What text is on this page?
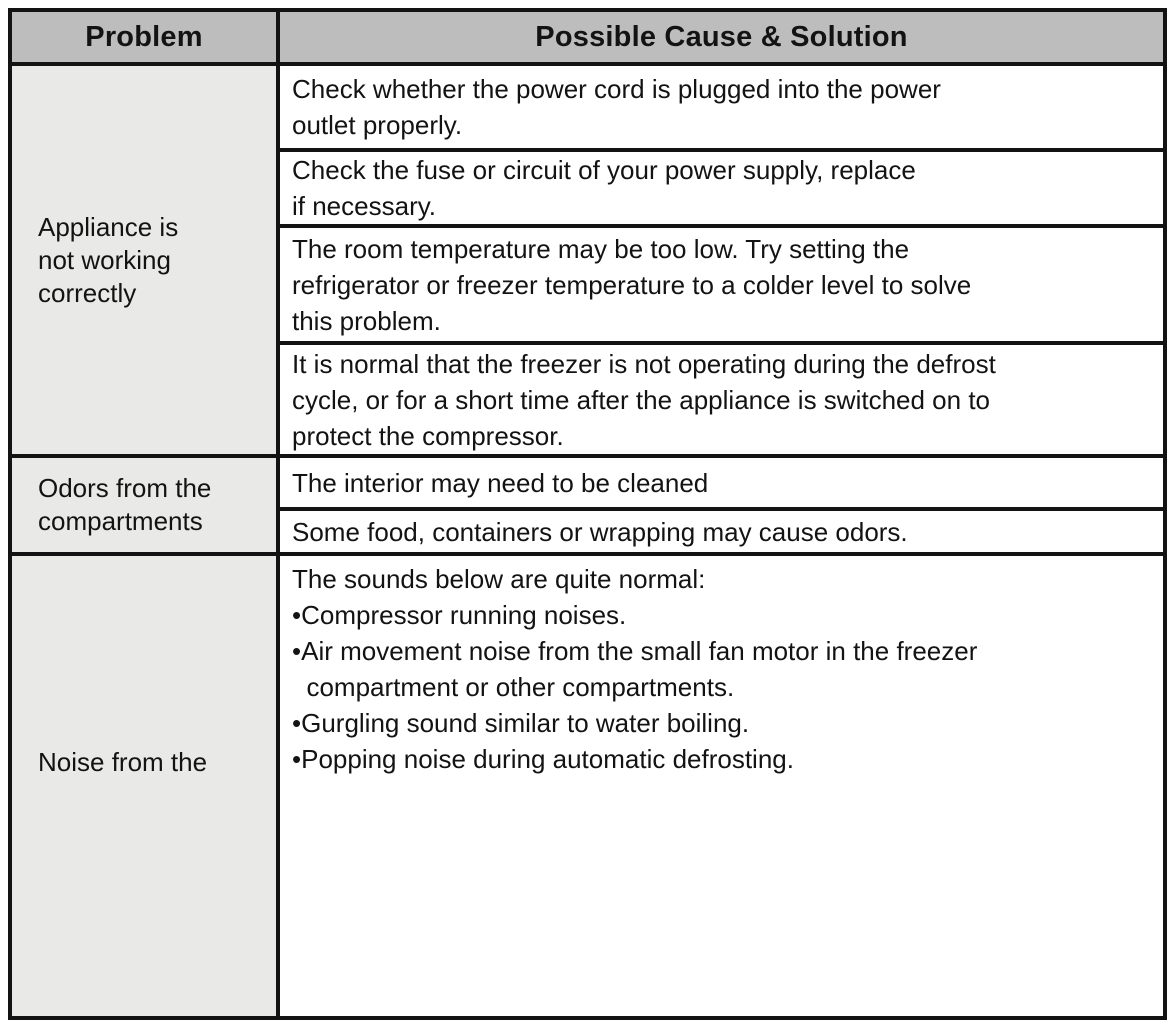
Problem	Possible Cause & Solution
Appliance is
not working
correctly
Check whether the power cord is plugged into the power
outlet properly.
Check the fuse or circuit of your power supply, replace
if necessary.
The room temperature may be too low. Try setting the
refrigerator or freezer temperature to a colder level to solve
this problem.
It is normal that the freezer is not operating during the defrost
cycle, or for a short time after the appliance is switched on to
protect the compressor.
Odors from the
compartments
The interior may need to be cleaned
Some food, containers or wrapping may cause odors.
Noise from the
The sounds below are quite normal:
•Compressor running noises.
•Air movement noise from the small fan motor in the freezer
compartment or other compartments.
•Gurgling sound similar to water boiling.
•Popping noise during automatic defrosting.
